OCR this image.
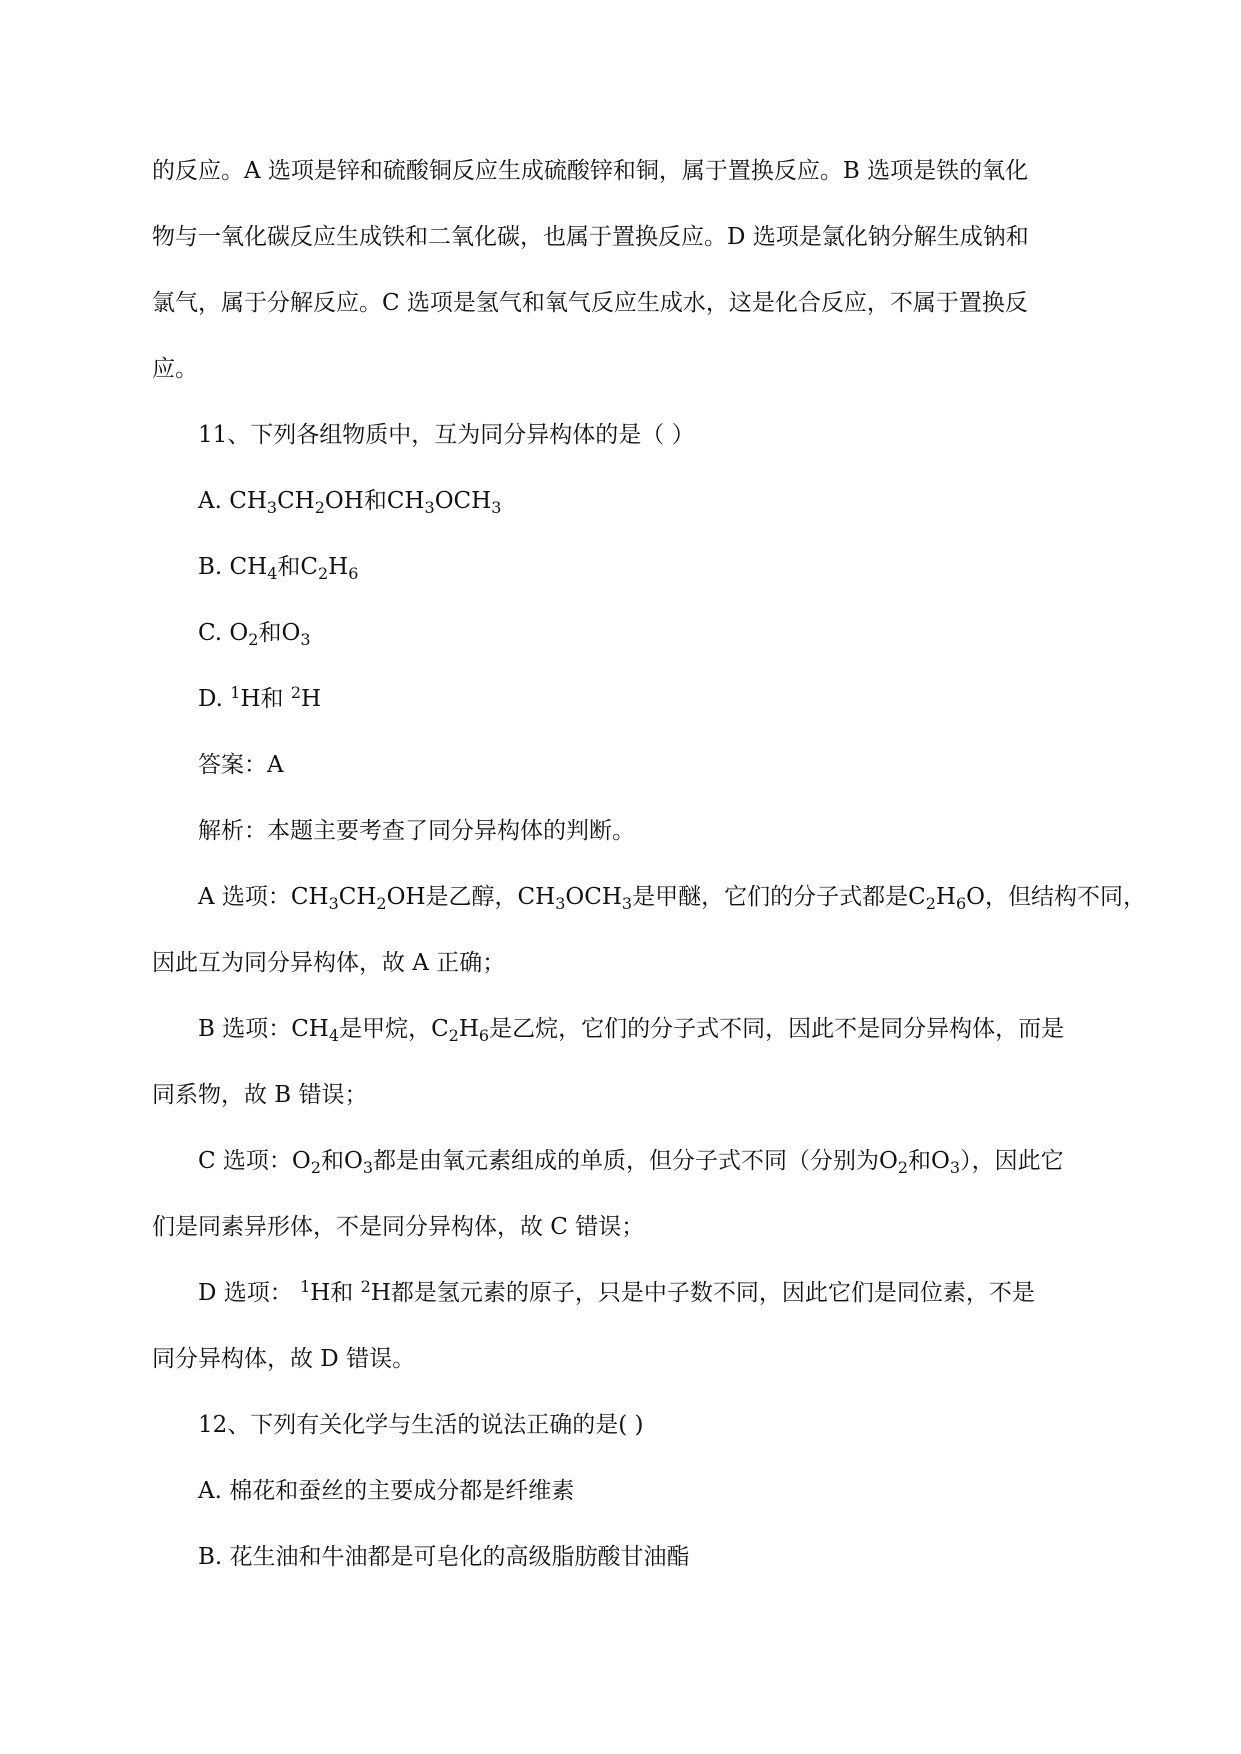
的反应。A 选项是锌和硫酸铜反应生成硫酸锌和铜，属于置换反应。B 选项是铁的氧化

物与一氧化碳反应生成铁和二氧化碳，也属于置换反应。D 选项是氯化钠分解生成钠和

氯气，属于分解反应。C 选项是氢气和氧气反应生成水，这是化合反应，不属于置换反

应。

11、下列各组物质中，互为同分异构体的是（ ）

A. $CH_3CH_2OH$和$CH_3OCH_3$

B. $CH_4$和$C_2H_6$

C. $O_2$和$O_3$

D. $^1$H和 $^2$H

答案：A

解析：本题主要考查了同分异构体的判断。

A 选项：$CH_3CH_2OH$是乙醇，$CH_3OCH_3$是甲醚，它们的分子式都是$C_2H_6O$，但结构不同，

因此互为同分异构体，故 A 正确；

B 选项：$CH_4$是甲烷，$C_2H_6$是乙烷，它们的分子式不同，因此不是同分异构体，而是

同系物，故 B 错误；

C 选项：$O_2$和$O_3$都是由氧元素组成的单质，但分子式不同（分别为$O_2$和$O_3$），因此它

们是同素异形体，不是同分异构体，故 C 错误；

D 选项： $^1$H和 $^2$H都是氢元素的原子，只是中子数不同，因此它们是同位素，不是

同分异构体，故 D 错误。

12、下列有关化学与生活的说法正确的是( )

A. 棉花和蚕丝的主要成分都是纤维素

B. 花生油和牛油都是可皂化的高级脂肪酸甘油酯
